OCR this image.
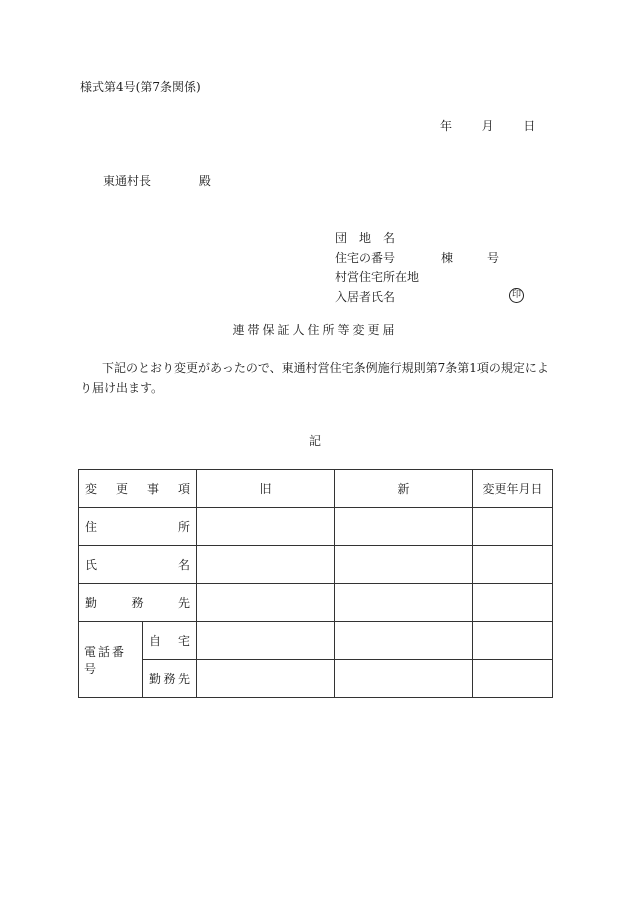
様式第4号(第7条関係)
年 月 日
東通村長	殿
団　地　名
住宅の番号	棟	号
村営住宅所在地
入居者氏名	印
連帯保証人住所等変更届
下記のとおり変更があったので、東通村営住宅条例施行規則第7条第1項の規定により届け出ます。
記
変 更 事 項		旧	新	変更年月日

住 所				

氏 名				

勤 務 先				

電話番号	自 宅			

	勤 務 先			
